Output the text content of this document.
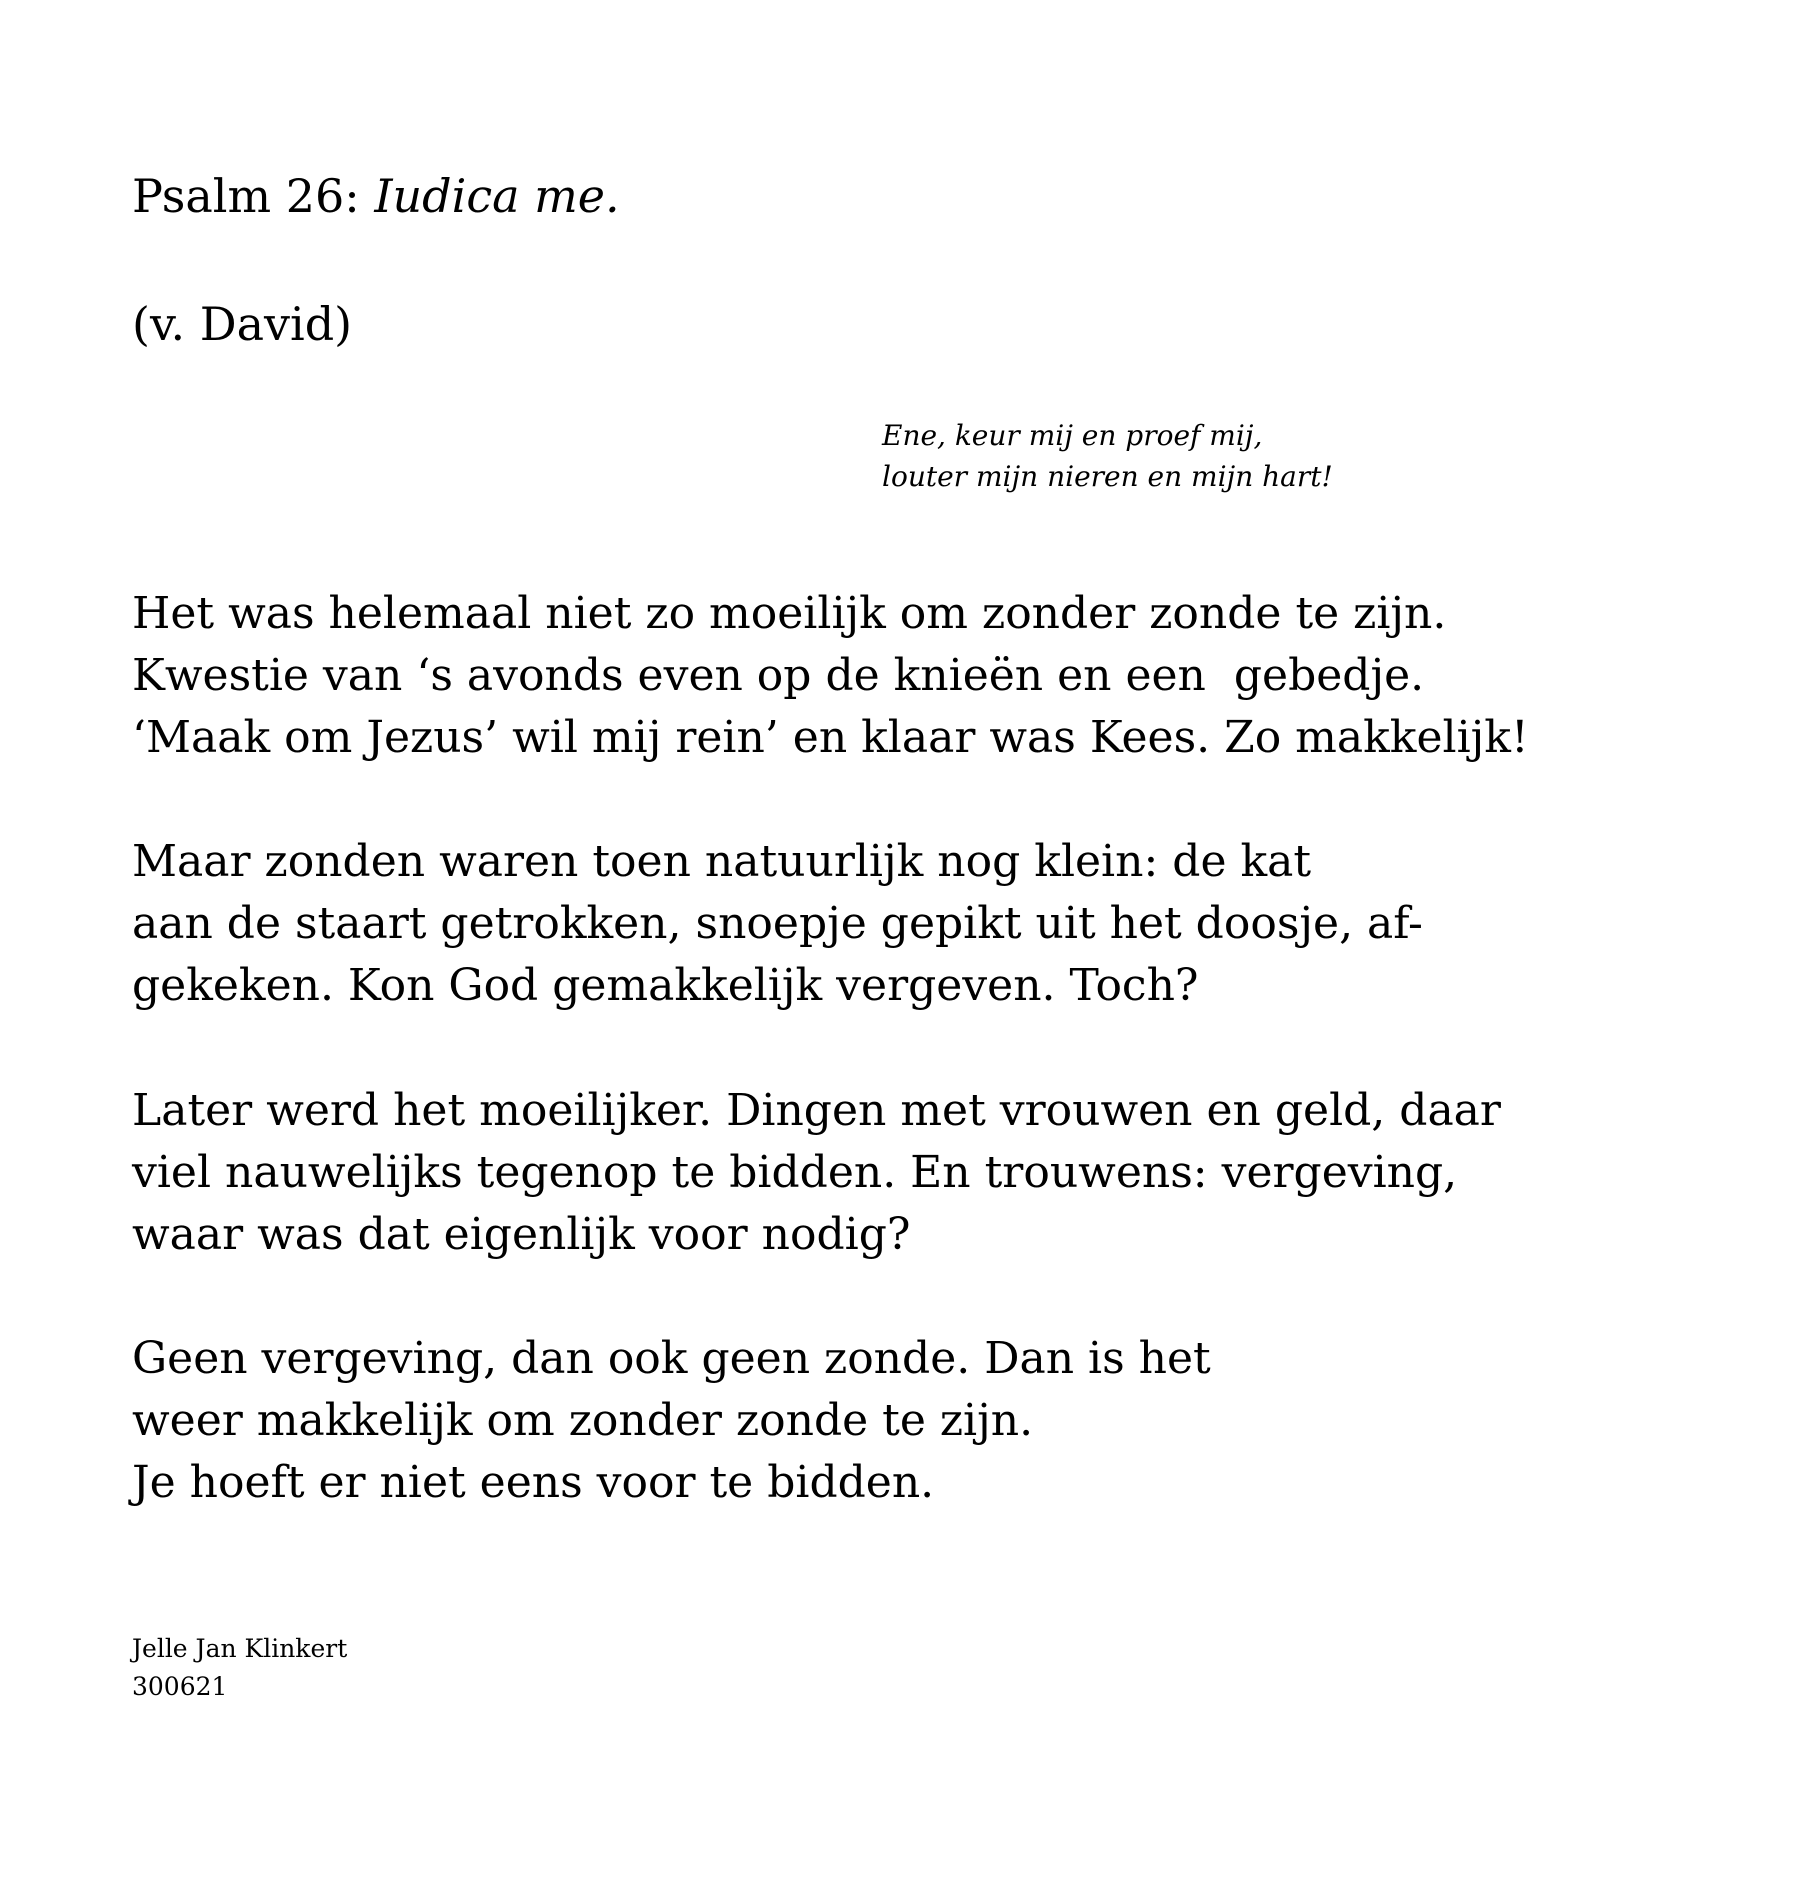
Psalm 26: Iudica me.
(v. David)
Ene, keur mij en proef mij,
louter mijn nieren en mijn hart!
Het was helemaal niet zo moeilijk om zonder zonde te zijn.
Kwestie van ‘s avonds even op de knieën en een  gebedje.
‘Maak om Jezus’ wil mij rein’ en klaar was Kees. Zo makkelijk!
Maar zonden waren toen natuurlijk nog klein: de kat
aan de staart getrokken, snoepje gepikt uit het doosje, af-
gekeken. Kon God gemakkelijk vergeven. Toch?
Later werd het moeilijker. Dingen met vrouwen en geld, daar
viel nauwelijks tegenop te bidden. En trouwens: vergeving,
waar was dat eigenlijk voor nodig?
Geen vergeving, dan ook geen zonde. Dan is het
weer makkelijk om zonder zonde te zijn.
Je hoeft er niet eens voor te bidden.
Jelle Jan Klinkert
300621
